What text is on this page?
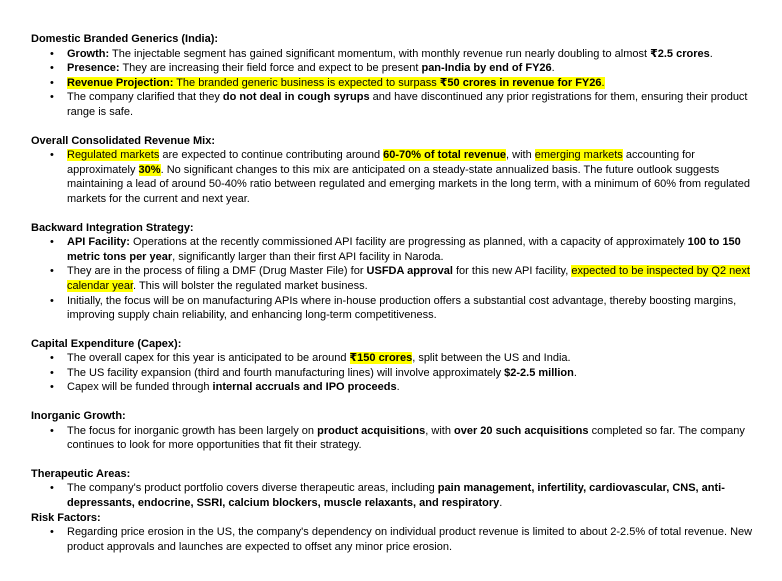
Domestic Branded Generics (India):
• Growth: The injectable segment has gained significant momentum, with monthly revenue run nearly doubling to almost ₹2.5 crores.
• Presence: They are increasing their field force and expect to be present pan-India by end of FY26.
• Revenue Projection: The branded generic business is expected to surpass ₹50 crores in revenue for FY26.
• The company clarified that they do not deal in cough syrups and have discontinued any prior registrations for them, ensuring their product range is safe.
Overall Consolidated Revenue Mix:
• Regulated markets are expected to continue contributing around 60-70% of total revenue, with emerging markets accounting for approximately 30%. No significant changes to this mix are anticipated on a steady-state annualized basis. The future outlook suggests maintaining a lead of around 50-40% ratio between regulated and emerging markets in the long term, with a minimum of 60% from regulated markets for the current and next year.
Backward Integration Strategy:
• API Facility: Operations at the recently commissioned API facility are progressing as planned, with a capacity of approximately 100 to 150 metric tons per year, significantly larger than their first API facility in Naroda.
• They are in the process of filing a DMF (Drug Master File) for USFDA approval for this new API facility, expected to be inspected by Q2 next calendar year. This will bolster the regulated market business.
• Initially, the focus will be on manufacturing APIs where in-house production offers a substantial cost advantage, thereby boosting margins, improving supply chain reliability, and enhancing long-term competitiveness.
Capital Expenditure (Capex):
• The overall capex for this year is anticipated to be around ₹150 crores, split between the US and India.
• The US facility expansion (third and fourth manufacturing lines) will involve approximately $2-2.5 million.
• Capex will be funded through internal accruals and IPO proceeds.
Inorganic Growth:
• The focus for inorganic growth has been largely on product acquisitions, with over 20 such acquisitions completed so far. The company continues to look for more opportunities that fit their strategy.
Therapeutic Areas:
• The company's product portfolio covers diverse therapeutic areas, including pain management, infertility, cardiovascular, CNS, anti-depressants, endocrine, SSRI, calcium blockers, muscle relaxants, and respiratory.
Risk Factors:
• Regarding price erosion in the US, the company's dependency on individual product revenue is limited to about 2-2.5% of total revenue. New product approvals and launches are expected to offset any minor price erosion.
